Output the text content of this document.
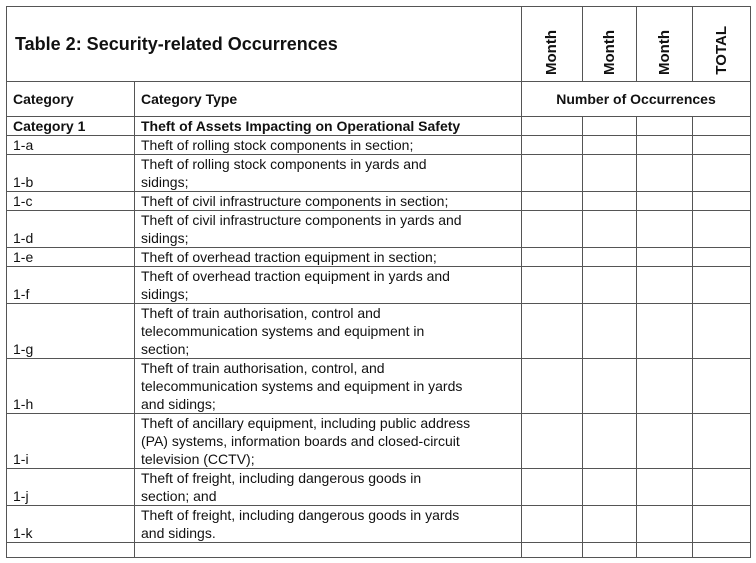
Table 2: Security-related Occurrences		Month	Month	Month	TOTAL

Category	Category Type	Number of Occurrences			
Category 1	Theft of Assets Impacting on Operational Safety				
1-a	Theft of rolling stock components in section;				

1-b	Theft of rolling stock components in yards and
sidings;				

1-c	Theft of civil infrastructure components in section;				

1-d	Theft of civil infrastructure components in yards and
sidings;				

1-e	Theft of overhead traction equipment in section;				

1-f	Theft of overhead traction equipment in yards and
sidings;				

1-g	Theft of train authorisation, control and
telecommunication systems and equipment in
section;				

1-h	Theft of train authorisation, control, and
telecommunication systems and equipment in yards
and sidings;				

1-i	Theft of ancillary equipment, including public address
(PA) systems, information boards and closed-circuit
television (CCTV);				

1-j	Theft of freight, including dangerous goods in
section; and				

1-k	Theft of freight, including dangerous goods in yards
and sidings.				
